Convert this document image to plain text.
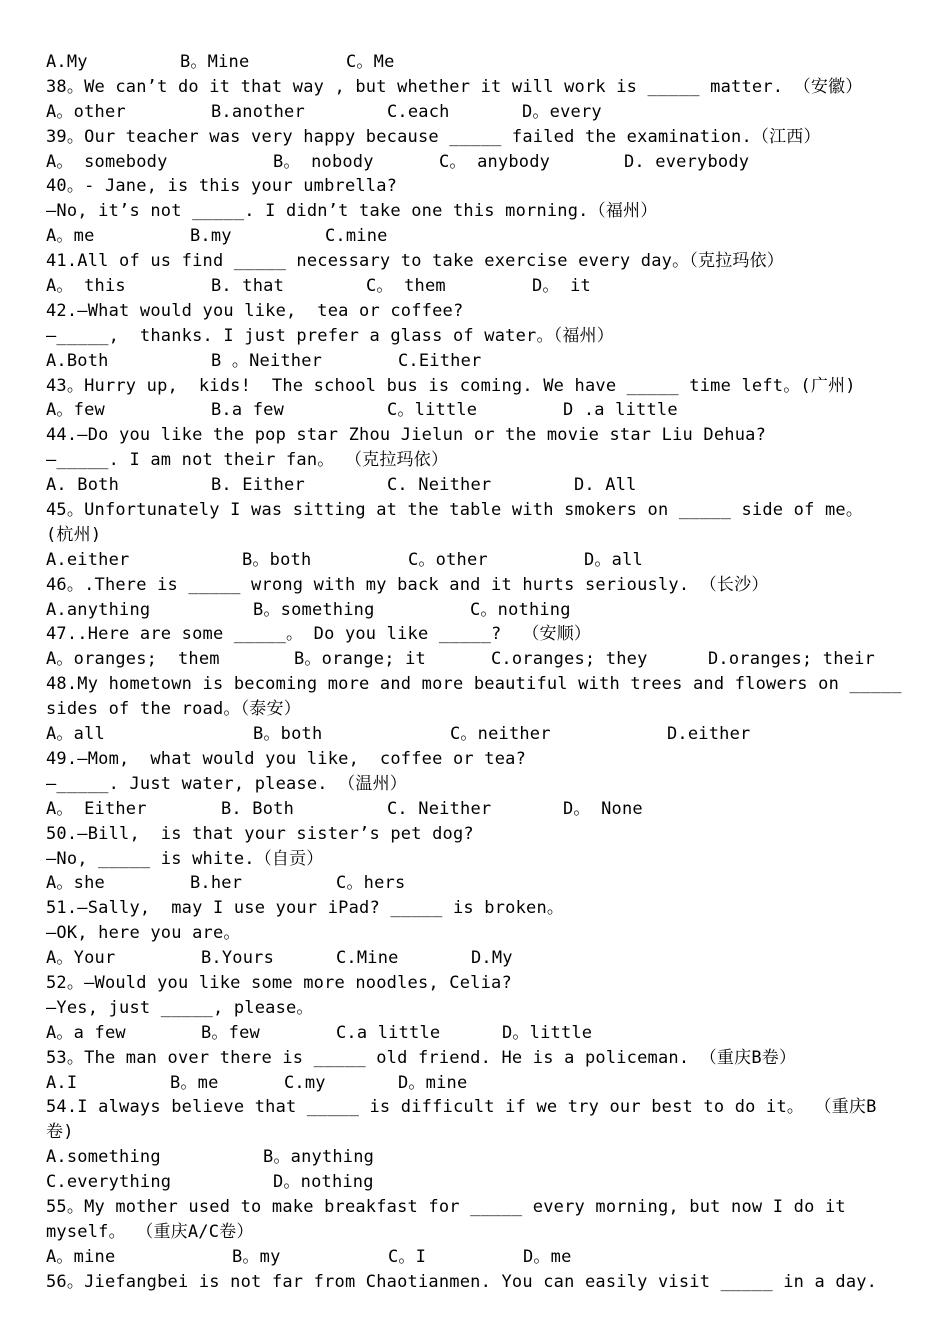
A.My	B。Mine	C。Me
38。We can’t do it that way , but whether it will work is _____ matter. （安徽）
A。other	B.another	C.each	D。every
39。Our teacher was very happy because _____ failed the examination.（江西）
A。 somebody	B。 nobody	C。 anybody	D. everybody
40。- Jane, is this your umbrella?
—No, it’s not _____. I didn’t take one this morning.（福州）
A。me	B.my	C.mine
41.All of us find _____ necessary to take exercise every day。（克拉玛依）
A。 this	B. that	C。 them	D。 it
42.—What would you like,  tea or coffee?
—_____,  thanks. I just prefer a glass of water。（福州）
A.Both	B 。Neither	C.Either
43。Hurry up,  kids!  The school bus is coming. We have _____ time left。(广州)
A。few	B.a few	C。little	D .a little
44.—Do you like the pop star Zhou Jielun or the movie star Liu Dehua?
—_____. I am not their fan。 （克拉玛依）
A. Both	B. Either	C. Neither	D. All
45。Unfortunately I was sitting at the table with smokers on _____ side of me。
(杭州)
A.either	B。both	C。other	D。all
46。.There is _____ wrong with my back and it hurts seriously. （长沙）
A.anything	B。something	C。nothing
47..Here are some _____。 Do you like _____?  （安顺）
A。oranges;  them	B。orange; it	C.oranges; they	D.oranges; their
48.My hometown is becoming more and more beautiful with trees and flowers on _____
sides of the road。（泰安）
A。all	B。both	C。neither	D.either
49.—Mom,  what would you like,  coffee or tea?
—_____. Just water, please. （温州）
A。 Either	B. Both	C. Neither	D。 None
50.—Bill,  is that your sister’s pet dog?
—No, _____ is white.（自贡）
A。she	B.her	C。hers
51.—Sally,  may I use your iPad? _____ is broken。
—OK, here you are。
A。Your	B.Yours	C.Mine	D.My
52。—Would you like some more noodles, Celia?
—Yes, just _____, please。
A。a few	B。few	C.a little	D。little
53。The man over there is _____ old friend. He is a policeman. （重庆B卷）
A.I	B。me	C.my	D。mine
54.I always believe that _____ is difficult if we try our best to do it。 （重庆B
卷)
A.something	B。anything
C.everything	D。nothing
55。My mother used to make breakfast for _____ every morning, but now I do it
myself。 （重庆A/C卷）
A。mine	B。my	C。I	D。me
56。Jiefangbei is not far from Chaotianmen. You can easily visit _____ in a day.
